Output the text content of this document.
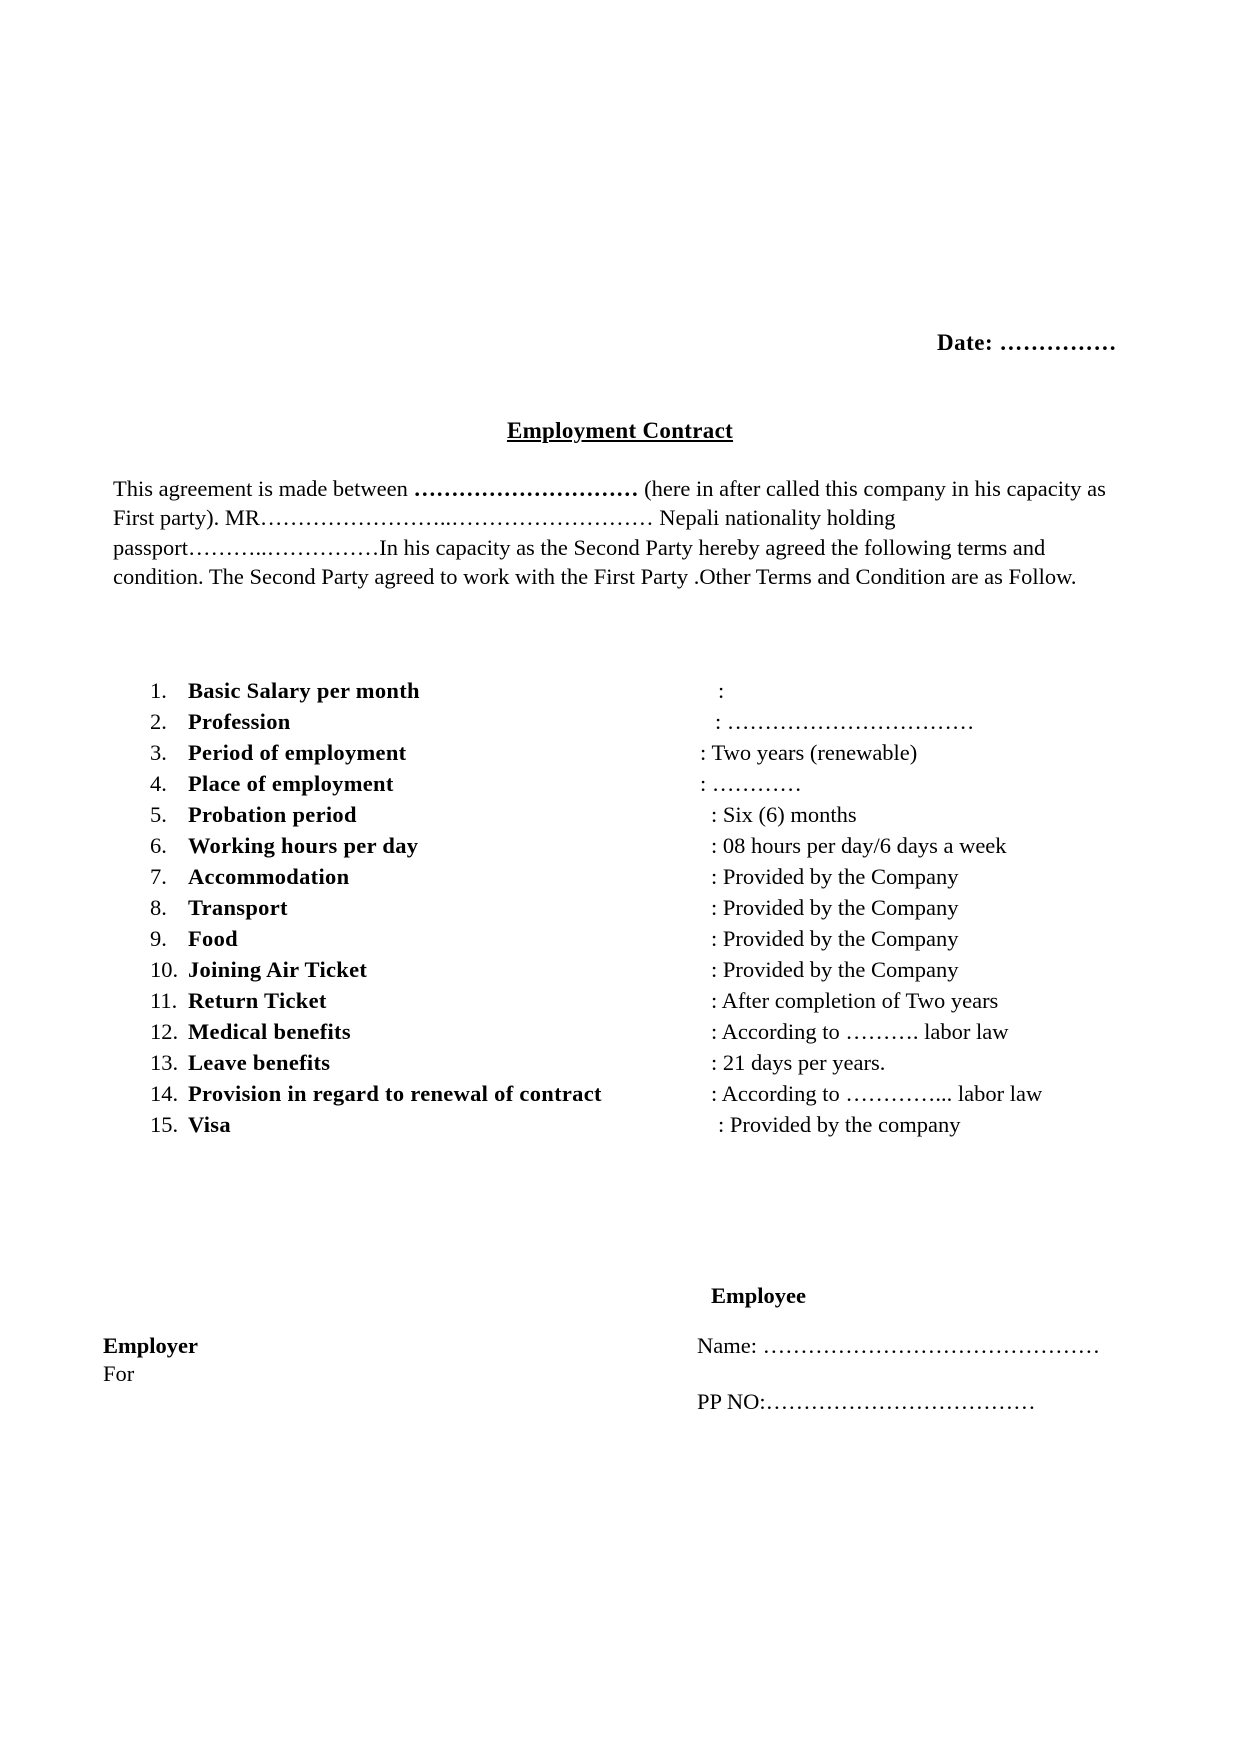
Date: ……………
Employment Contract
This agreement is made between ………………………… (here in after called this company in his capacity as First party). MR……………………..……………………… Nepali nationality holding passport………..……………In his capacity as the Second Party hereby agreed the following terms and condition. The Second Party agreed to work with the First Party .Other Terms and Condition are as Follow.
1. Basic Salary per month	:
2. Profession	: ……………………………
3. Period of employment	: Two years (renewable)
4. Place of employment	: …………
5. Probation period	: Six (6) months
6. Working hours per day	: 08 hours per day/6 days a week
7. Accommodation	: Provided by the Company
8. Transport	: Provided by the Company
9. Food	: Provided by the Company
10. Joining Air Ticket	: Provided by the Company
11. Return Ticket	: After completion of Two years
12. Medical benefits	: According to ………. labor law
13. Leave benefits	: 21 days per years.
14. Provision in regard to renewal of contract	: According to …………... labor law
15. Visa	: Provided by the company
Employee
Employer
For
Name: ………………………………………
PP NO:………………………………
